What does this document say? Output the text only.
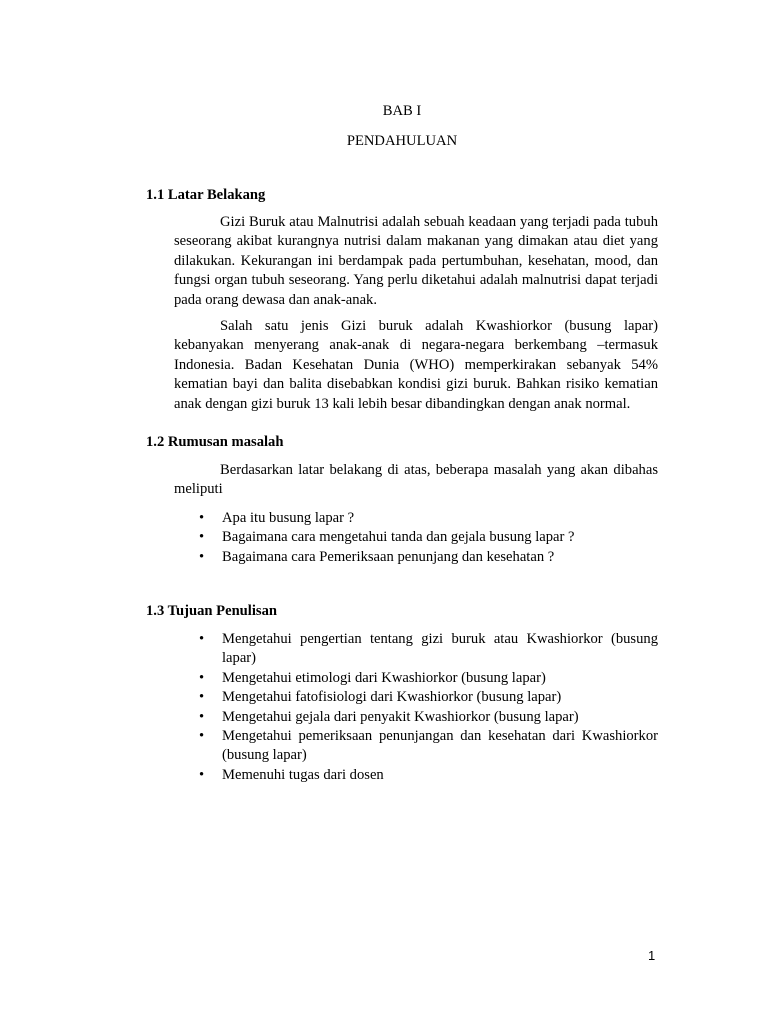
BAB I

PENDAHULUAN

1.1 Latar Belakang

Gizi Buruk atau Malnutrisi adalah sebuah keadaan yang terjadi pada tubuh seseorang akibat kurangnya nutrisi dalam makanan yang dimakan atau diet yang dilakukan. Kekurangan ini berdampak pada pertumbuhan, kesehatan, mood, dan fungsi organ tubuh seseorang. Yang perlu diketahui adalah malnutrisi dapat terjadi pada orang dewasa dan anak-anak.

Salah satu jenis Gizi buruk adalah Kwashiorkor (busung lapar) kebanyakan menyerang anak-anak di negara-negara berkembang –termasuk Indonesia. Badan Kesehatan Dunia (WHO) memperkirakan sebanyak 54% kematian bayi dan balita disebabkan kondisi gizi buruk. Bahkan risiko kematian anak dengan gizi buruk 13 kali lebih besar dibandingkan dengan anak normal.

1.2 Rumusan masalah

Berdasarkan latar belakang di atas, beberapa masalah yang akan dibahas meliputi

• Apa itu busung lapar ?
• Bagaimana cara mengetahui tanda dan gejala busung lapar ?
• Bagaimana cara Pemeriksaan penunjang dan kesehatan ?

1.3 Tujuan Penulisan

• Mengetahui pengertian tentang gizi buruk atau Kwashiorkor (busung lapar)
• Mengetahui etimologi dari Kwashiorkor (busung lapar)
• Mengetahui fatofisiologi dari Kwashiorkor (busung lapar)
• Mengetahui gejala dari penyakit Kwashiorkor (busung lapar)
• Mengetahui pemeriksaan penunjangan dan kesehatan dari Kwashiorkor (busung lapar)
• Memenuhi tugas dari dosen

1
